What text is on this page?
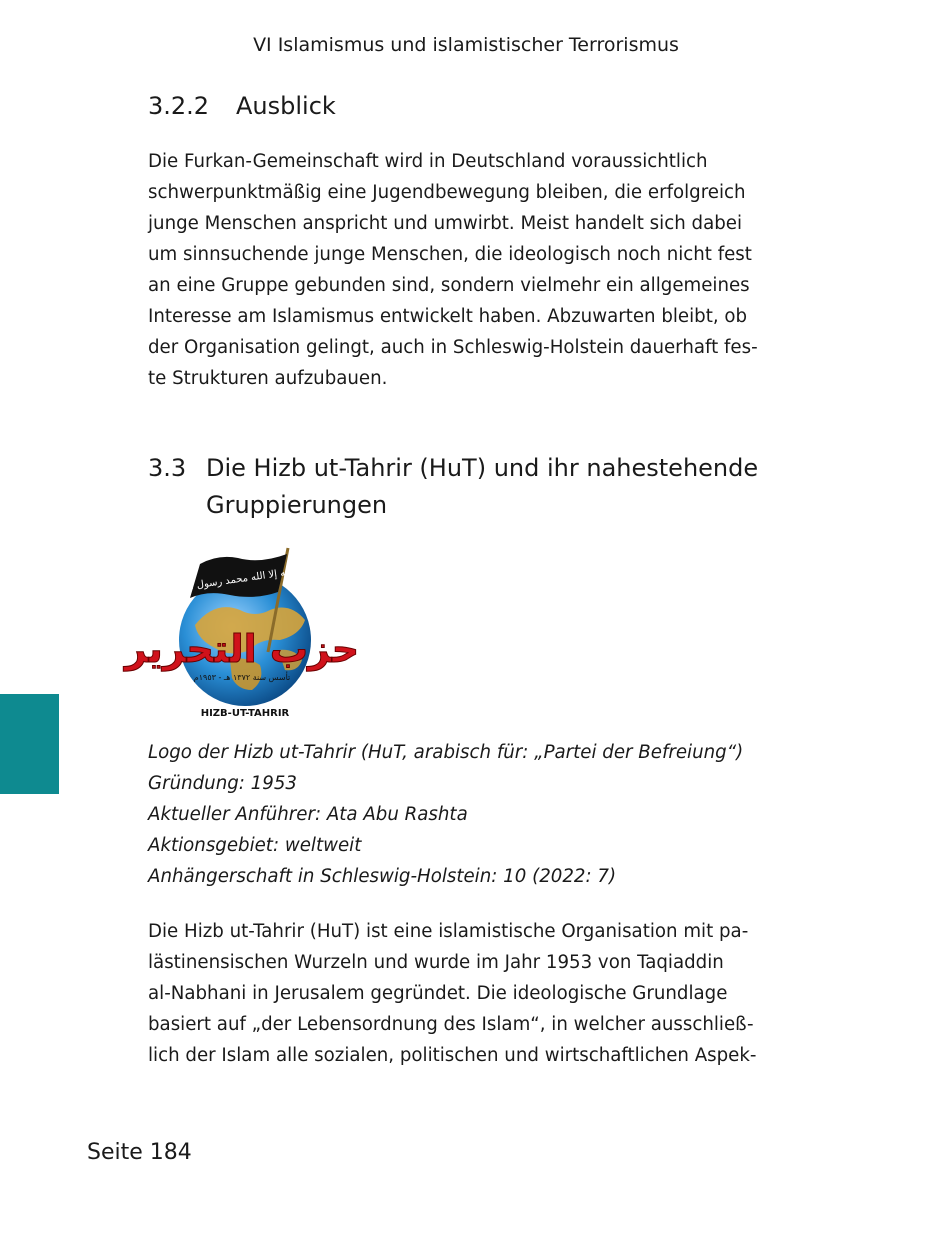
VI Islamismus und islamistischer Terrorismus
3.2.2 Ausblick

Die Furkan-Gemeinschaft wird in Deutschland voraussichtlich
schwerpunktmäßig eine Jugendbewegung bleiben, die erfolgreich
junge Menschen anspricht und umwirbt. Meist handelt sich dabei
um sinnsuchende junge Menschen, die ideologisch noch nicht fest
an eine Gruppe gebunden sind, sondern vielmehr ein allgemeines
Interesse am Islamismus entwickelt haben. Abzuwarten bleibt, ob
der Organisation gelingt, auch in Schleswig-Holstein dauerhaft fes-
te Strukturen aufzubauen.

3.3 Die Hizb ut-Tahrir (HuT) und ihr nahestehende
Gruppierungen
لا إله إلا الله محمد رسول الله
حزب التحرير
تأسس سنة ١٣٧٢ هـ - ١٩٥٣م
HIZB-UT-TAHRIR

Logo der Hizb ut-Tahrir (HuT, arabisch für: „Partei der Befreiung“)
Gründung: 1953
Aktueller Anführer: Ata Abu Rashta
Aktionsgebiet: weltweit
Anhängerschaft in Schleswig-Holstein: 10 (2022: 7)

Die Hizb ut-Tahrir (HuT) ist eine islamistische Organisation mit pa-
lästinensischen Wurzeln und wurde im Jahr 1953 von Taqiaddin
al-Nabhani in Jerusalem gegründet. Die ideologische Grundlage
basiert auf „der Lebensordnung des Islam“, in welcher ausschließ-
lich der Islam alle sozialen, politischen und wirtschaftlichen Aspek-

Seite 184
